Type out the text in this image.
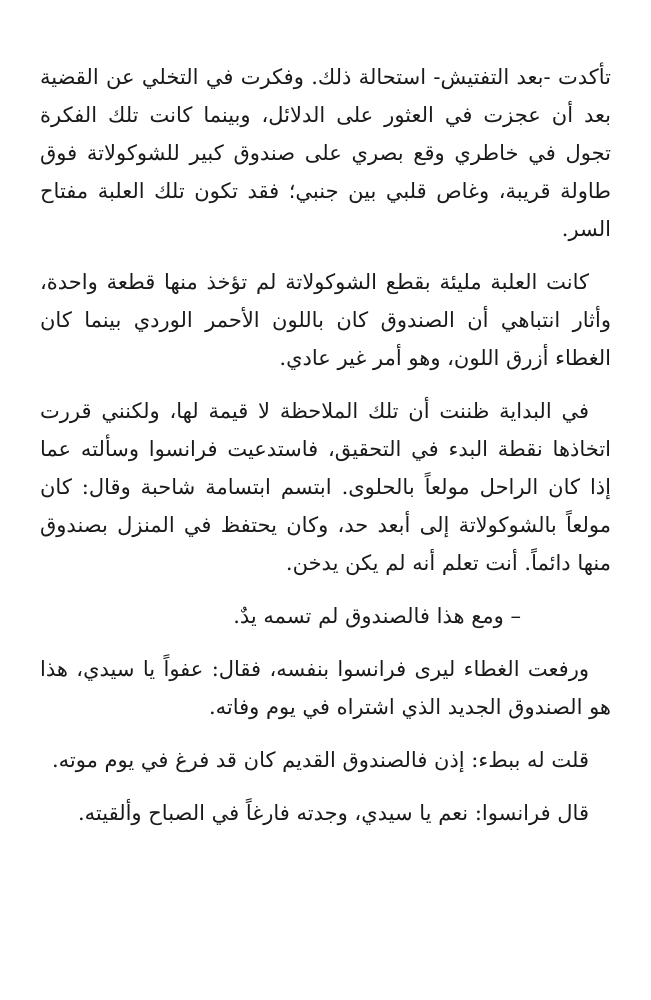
تأكدت -بعد التفتيش- استحالة ذلك. وفكرت في التخلي عن القضية بعد أن عجزت في العثور على الدلائل، وبينما كانت تلك الفكرة تجول في خاطري وقع بصري على صندوق كبير للشوكولاتة فوق طاولة قريبة، وغاص قلبي بين جنبي؛ فقد تكون تلك العلبة مفتاح السر.

كانت العلبة مليئة بقطع الشوكولاتة لم تؤخذ منها قطعة واحدة، وأثار انتباهي أن الصندوق كان باللون الأحمر الوردي بينما كان الغطاء أزرق اللون، وهو أمر غير عادي.

في البداية ظننت أن تلك الملاحظة لا قيمة لها، ولكنني قررت اتخاذها نقطة البدء في التحقيق، فاستدعيت فرانسوا وسألته عما إذا كان الراحل مولعاً بالحلوى. ابتسم ابتسامة شاحبة وقال: كان مولعاً بالشوكولاتة إلى أبعد حد، وكان يحتفظ في المنزل بصندوق منها دائماً. أنت تعلم أنه لم يكن يدخن.

– ومع هذا فالصندوق لم تسمه يدٌ.

ورفعت الغطاء ليرى فرانسوا بنفسه، فقال: عفواً يا سيدي، هذا هو الصندوق الجديد الذي اشتراه في يوم وفاته.

قلت له ببطء: إذن فالصندوق القديم كان قد فرغ في يوم موته.

قال فرانسوا: نعم يا سيدي، وجدته فارغاً في الصباح وألقيته.
